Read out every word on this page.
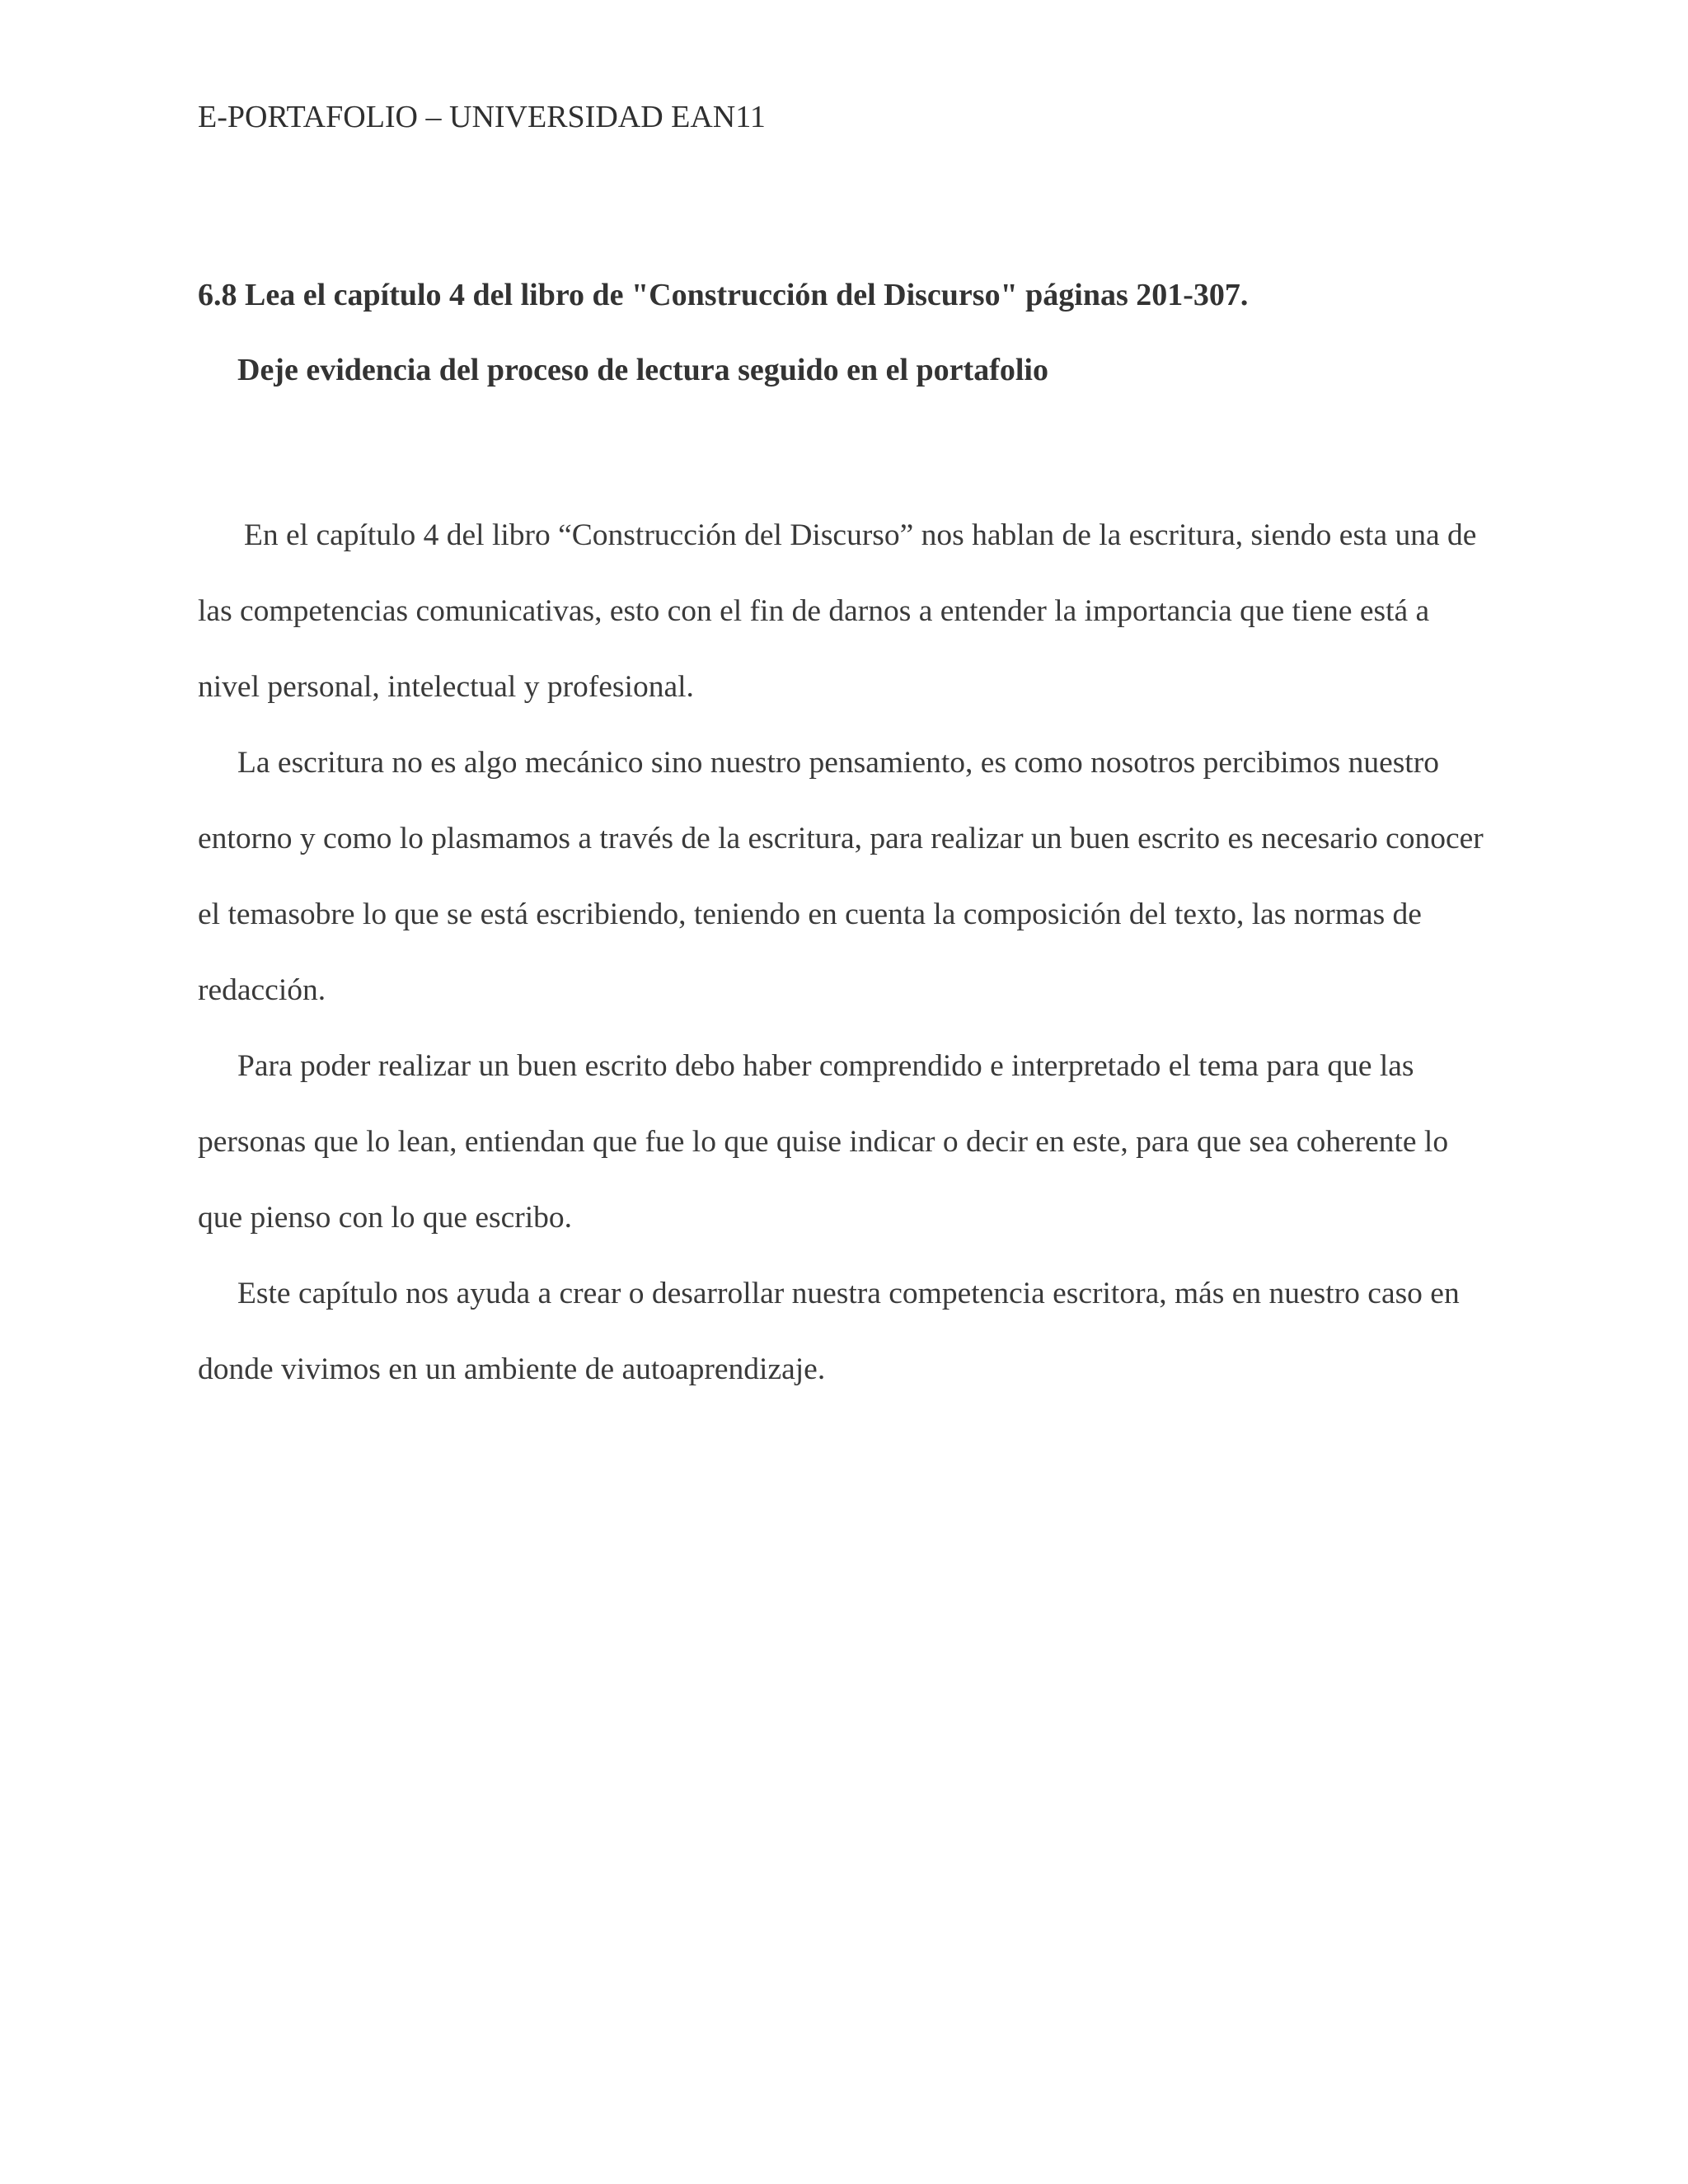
E-PORTAFOLIO – UNIVERSIDAD EAN11
6.8 Lea el capítulo 4 del libro de "Construcción del Discurso" páginas 201-307.
Deje evidencia del proceso de lectura seguido en el portafolio

En el capítulo 4 del libro “Construcción del Discurso” nos hablan de la escritura, siendo esta una de las competencias comunicativas, esto con el fin de darnos a entender la importancia que tiene está a nivel personal, intelectual y profesional.

La escritura no es algo mecánico sino nuestro pensamiento, es como nosotros percibimos nuestro entorno y como lo plasmamos a través de la escritura, para realizar un buen escrito es necesario conocer el temasobre lo que se está escribiendo, teniendo en cuenta la composición del texto, las normas de redacción.

Para poder realizar un buen escrito debo haber comprendido e interpretado el tema para que las personas que lo lean, entiendan que fue lo que quise indicar o decir en este, para que sea coherente lo que pienso con lo que escribo.

Este capítulo nos ayuda a crear o desarrollar nuestra competencia escritora, más en nuestro caso en donde vivimos en un ambiente de autoaprendizaje.
